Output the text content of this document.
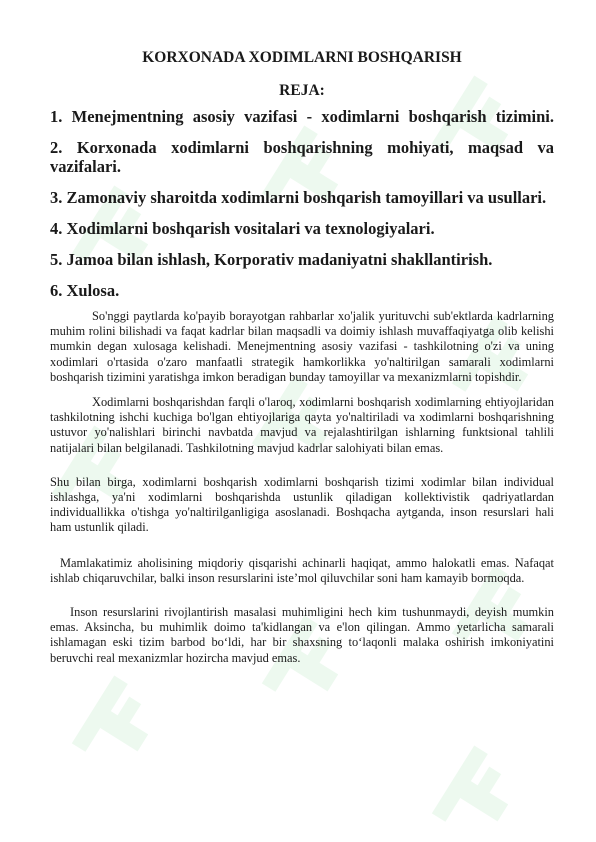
KORXONADA XODIMLARNI BOSHQARISH
REJA:
1. Menejmentning asosiy vazifasi - xodimlarni boshqarish tizimini.
2. Korxonada xodimlarni boshqarishning mohiyati, maqsad va vazifalari.
3. Zamonaviy sharoitda xodimlarni boshqarish tamoyillari va usullari.
4. Xodimlarni boshqarish vositalari va texnologiyalari.
5. Jamoa bilan ishlash, Korporativ madaniyatni shakllantirish.
6. Xulosa.

So'nggi paytlarda ko'payib borayotgan rahbarlar xo'jalik yurituvchi sub'ektlarda kadrlarning muhim rolini bilishadi va faqat kadrlar bilan maqsadli va doimiy ishlash muvaffaqiyatga olib kelishi mumkin degan xulosaga kelishadi. Menejmentning asosiy vazifasi - tashkilotning o'zi va uning xodimlari o'rtasida o'zaro manfaatli strategik hamkorlikka yo'naltirilgan samarali xodimlarni boshqarish tizimini yaratishga imkon beradigan bunday tamoyillar va mexanizmlarni topishdir.

Xodimlarni boshqarishdan farqli o'laroq, xodimlarni boshqarish xodimlarning ehtiyojlaridan tashkilotning ishchi kuchiga bo'lgan ehtiyojlariga qayta yo'naltiriladi va xodimlarni boshqarishning ustuvor yo'nalishlari birinchi navbatda mavjud va rejalashtirilgan ishlarning funktsional tahlili natijalari bilan belgilanadi. Tashkilotning mavjud kadrlar salohiyati bilan emas.

Shu bilan birga, xodimlarni boshqarish xodimlarni boshqarish tizimi xodimlar bilan individual ishlashga, ya'ni xodimlarni boshqarishda ustunlik qiladigan kollektivistik qadriyatlardan individuallikka o'tishga yo'naltirilganligiga asoslanadi. Boshqacha aytganda, inson resurslari hali ham ustunlik qiladi.

Mamlakatimiz aholisining miqdoriy qisqarishi achinarli haqiqat, ammo halokatli emas. Nafaqat ishlab chiqaruvchilar, balki inson resurslarini iste’mol qiluvchilar soni ham kamayib bormoqda.

Inson resurslarini rivojlantirish masalasi muhimligini hech kim tushunmaydi, deyish mumkin emas. Aksincha, bu muhimlik doimo ta'kidlangan va e'lon qilingan. Ammo yetarlicha samarali ishlamagan eski tizim barbod bo‘ldi, har bir shaxsning to‘laqonli malaka oshirish imkoniyatini beruvchi real mexanizmlar hozircha mavjud emas.
